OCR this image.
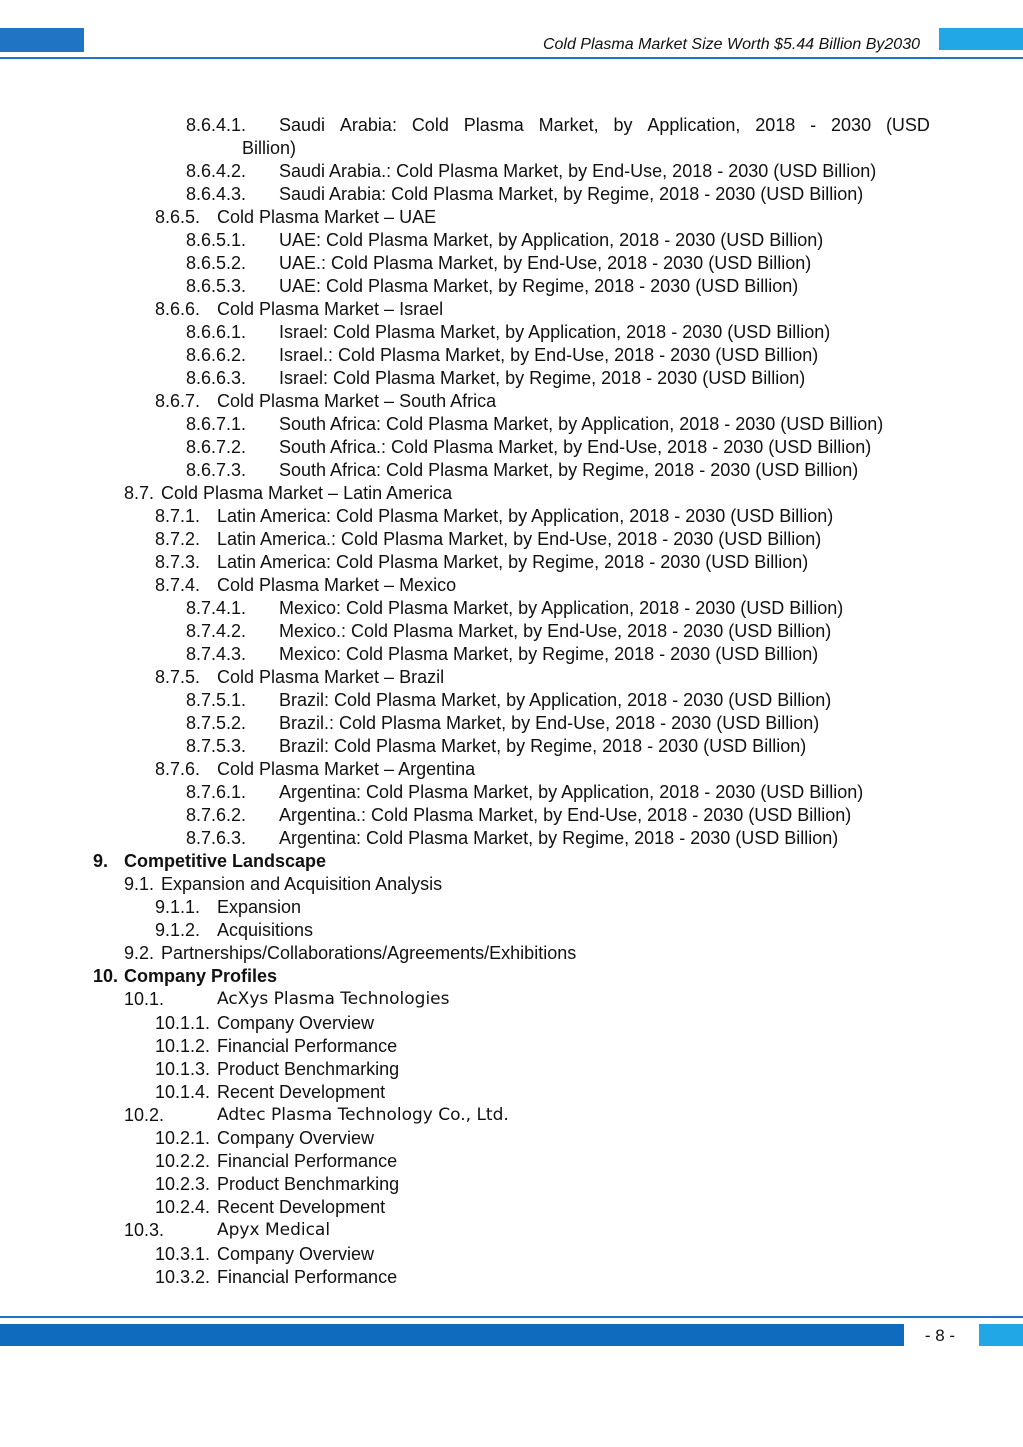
Cold Plasma Market Size Worth $5.44 Billion By2030
8.6.4.1. Saudi Arabia: Cold Plasma Market, by Application, 2018 - 2030 (USD
Billion)
8.6.4.2. Saudi Arabia.: Cold Plasma Market, by End-Use, 2018 - 2030 (USD Billion)
8.6.4.3. Saudi Arabia: Cold Plasma Market, by Regime, 2018 - 2030 (USD Billion)
8.6.5. Cold Plasma Market – UAE
8.6.5.1. UAE: Cold Plasma Market, by Application, 2018 - 2030 (USD Billion)
8.6.5.2. UAE.: Cold Plasma Market, by End-Use, 2018 - 2030 (USD Billion)
8.6.5.3. UAE: Cold Plasma Market, by Regime, 2018 - 2030 (USD Billion)
8.6.6. Cold Plasma Market – Israel
8.6.6.1. Israel: Cold Plasma Market, by Application, 2018 - 2030 (USD Billion)
8.6.6.2. Israel.: Cold Plasma Market, by End-Use, 2018 - 2030 (USD Billion)
8.6.6.3. Israel: Cold Plasma Market, by Regime, 2018 - 2030 (USD Billion)
8.6.7. Cold Plasma Market – South Africa
8.6.7.1. South Africa: Cold Plasma Market, by Application, 2018 - 2030 (USD Billion)
8.6.7.2. South Africa.: Cold Plasma Market, by End-Use, 2018 - 2030 (USD Billion)
8.6.7.3. South Africa: Cold Plasma Market, by Regime, 2018 - 2030 (USD Billion)
8.7. Cold Plasma Market – Latin America
8.7.1. Latin America: Cold Plasma Market, by Application, 2018 - 2030 (USD Billion)
8.7.2. Latin America.: Cold Plasma Market, by End-Use, 2018 - 2030 (USD Billion)
8.7.3. Latin America: Cold Plasma Market, by Regime, 2018 - 2030 (USD Billion)
8.7.4. Cold Plasma Market – Mexico
8.7.4.1. Mexico: Cold Plasma Market, by Application, 2018 - 2030 (USD Billion)
8.7.4.2. Mexico.: Cold Plasma Market, by End-Use, 2018 - 2030 (USD Billion)
8.7.4.3. Mexico: Cold Plasma Market, by Regime, 2018 - 2030 (USD Billion)
8.7.5. Cold Plasma Market – Brazil
8.7.5.1. Brazil: Cold Plasma Market, by Application, 2018 - 2030 (USD Billion)
8.7.5.2. Brazil.: Cold Plasma Market, by End-Use, 2018 - 2030 (USD Billion)
8.7.5.3. Brazil: Cold Plasma Market, by Regime, 2018 - 2030 (USD Billion)
8.7.6. Cold Plasma Market – Argentina
8.7.6.1. Argentina: Cold Plasma Market, by Application, 2018 - 2030 (USD Billion)
8.7.6.2. Argentina.: Cold Plasma Market, by End-Use, 2018 - 2030 (USD Billion)
8.7.6.3. Argentina: Cold Plasma Market, by Regime, 2018 - 2030 (USD Billion)
9. Competitive Landscape
9.1. Expansion and Acquisition Analysis
9.1.1. Expansion
9.1.2. Acquisitions
9.2. Partnerships/Collaborations/Agreements/Exhibitions
10. Company Profiles
10.1.	AcXys Plasma Technologies
10.1.1. Company Overview
10.1.2. Financial Performance
10.1.3. Product Benchmarking
10.1.4. Recent Development
10.2.	Adtec Plasma Technology Co., Ltd.
10.2.1. Company Overview
10.2.2. Financial Performance
10.2.3. Product Benchmarking
10.2.4. Recent Development
10.3.	Apyx Medical
10.3.1. Company Overview
10.3.2. Financial Performance
- 8 -
